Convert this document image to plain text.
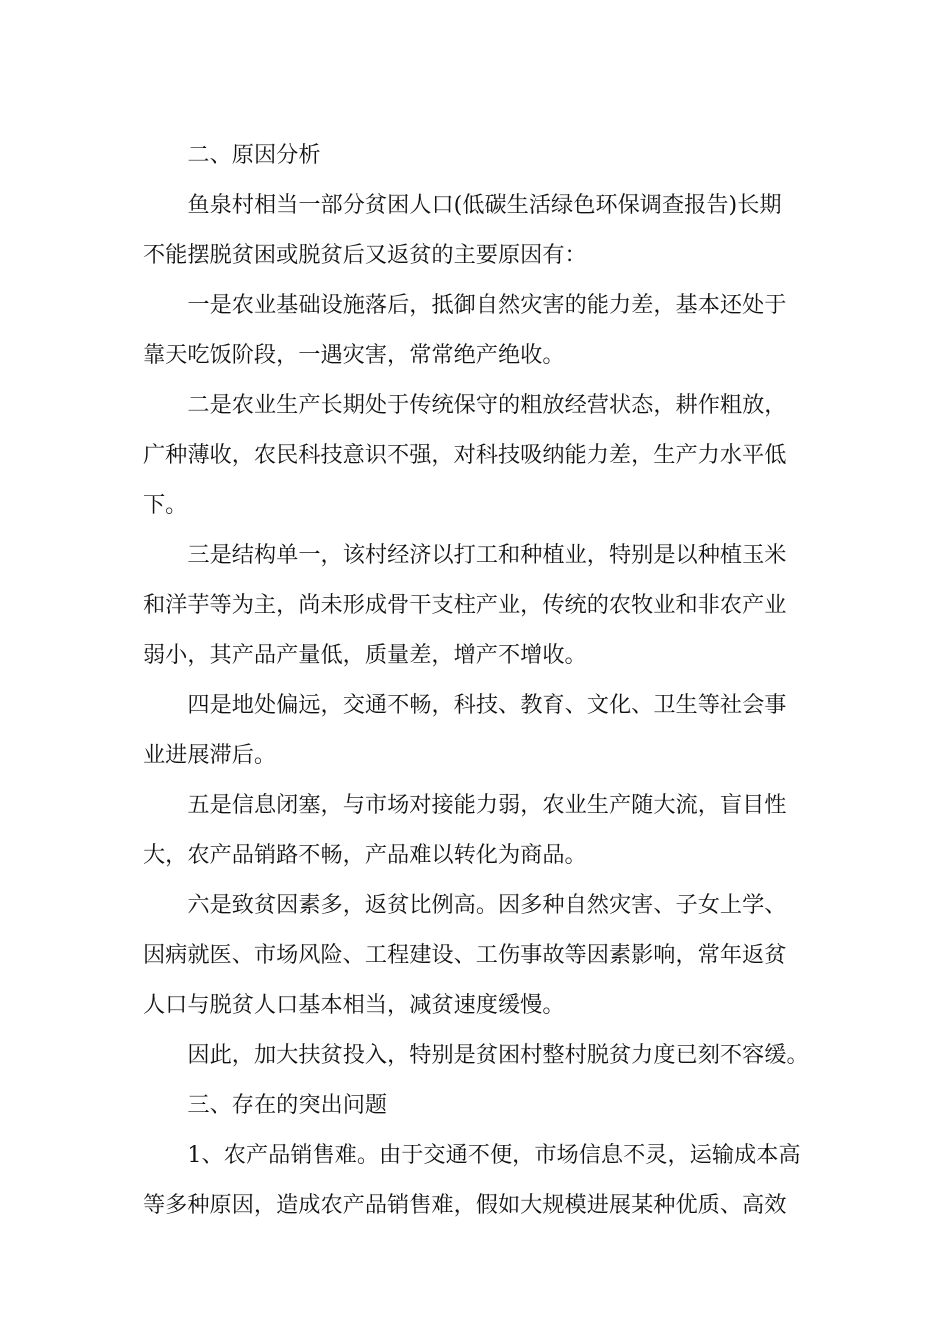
二、原因分析
鱼泉村相当一部分贫困人口(低碳生活绿色环保调查报告)长期
不能摆脱贫困或脱贫后又返贫的主要原因有：
一是农业基础设施落后，抵御自然灾害的能力差，基本还处于
靠天吃饭阶段，一遇灾害，常常绝产绝收。
二是农业生产长期处于传统保守的粗放经营状态，耕作粗放，
广种薄收，农民科技意识不强，对科技吸纳能力差，生产力水平低
下。
三是结构单一，该村经济以打工和种植业，特别是以种植玉米
和洋芋等为主，尚未形成骨干支柱产业，传统的农牧业和非农产业
弱小，其产品产量低，质量差，增产不增收。
四是地处偏远，交通不畅，科技、教育、文化、卫生等社会事
业进展滞后。
五是信息闭塞，与市场对接能力弱，农业生产随大流，盲目性
大，农产品销路不畅，产品难以转化为商品。
六是致贫因素多，返贫比例高。因多种自然灾害、子女上学、
因病就医、市场风险、工程建设、工伤事故等因素影响，常年返贫
人口与脱贫人口基本相当，减贫速度缓慢。
因此，加大扶贫投入，特别是贫困村整村脱贫力度已刻不容缓。
三、存在的突出问题
1、农产品销售难。由于交通不便，市场信息不灵，运输成本高
等多种原因，造成农产品销售难，假如大规模进展某种优质、高效
